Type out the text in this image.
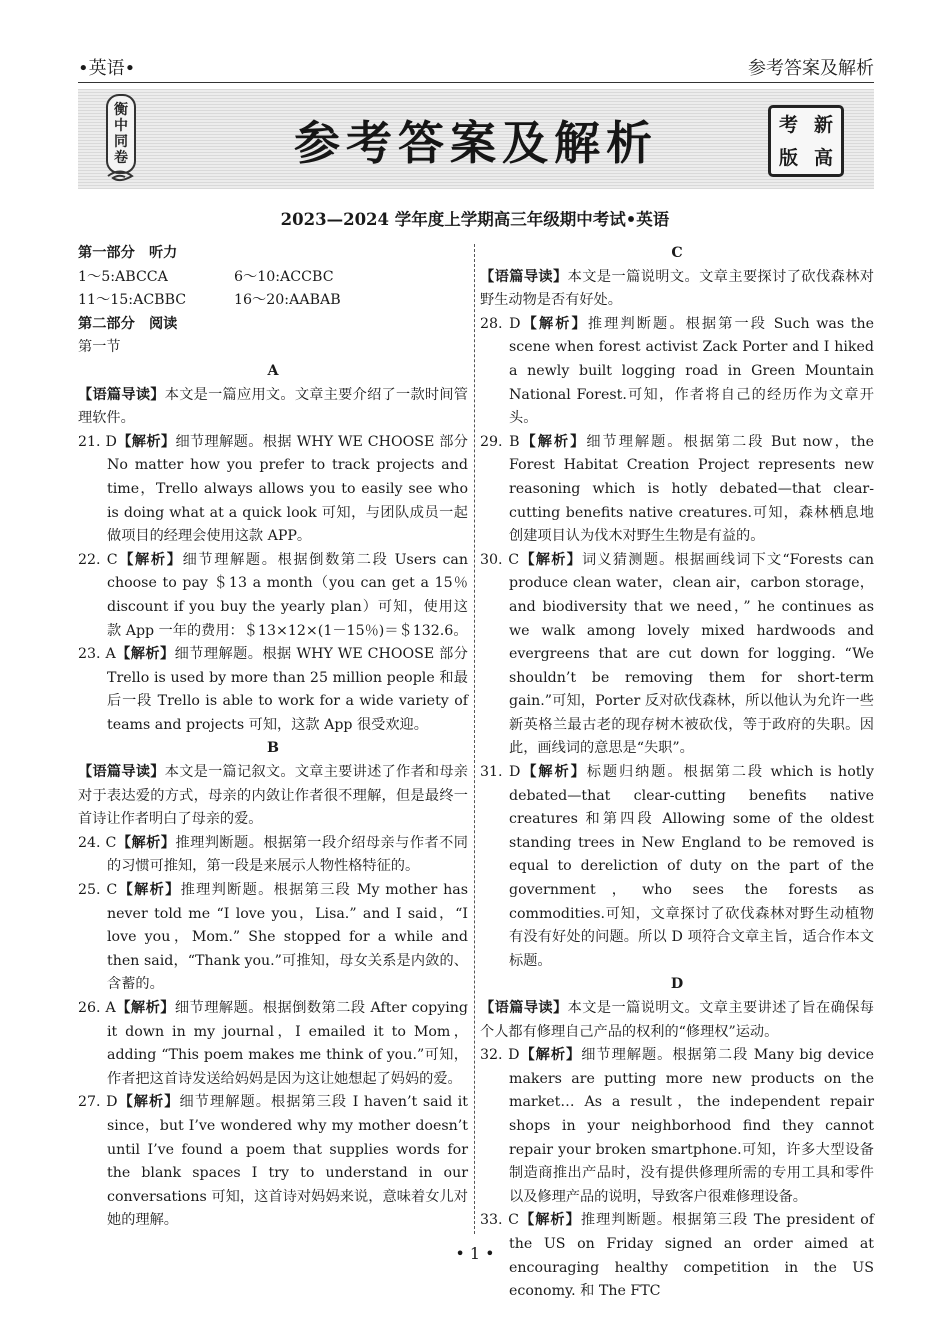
•英语•	参考答案及解析
衡
中
同
卷	参考答案及解析	考 新
版 高
2023—2024 学年度上学期高三年级期中考试•英语

第一部分　听力

1～5:ABCCA	6～10:ACCBC
11～15:ACBBC	16～20:AABAB

第二部分　阅读

第一节

A

【语篇导读】本文是一篇应用文。文章主要介绍了一款时间管理软件。

21. D【解析】细节理解题。根据 WHY WE CHOOSE 部分 No matter how you prefer to track projects and time，Trello always allows you to easily see who is doing what at a quick look 可知，与团队成员一起做项目的经理会使用这款 APP。

22. C【解析】细节理解题。根据倒数第二段 Users can choose to pay ＄13 a month（you can get a 15％ discount if you buy the yearly plan）可知，使用这款 App 一年的费用：＄13×12×(1－15％)＝＄132.6。

23. A【解析】细节理解题。根据 WHY WE CHOOSE 部分 Trello is used by more than 25 million people 和最后一段 Trello is able to work for a wide variety of teams and projects 可知，这款 App 很受欢迎。

B

【语篇导读】本文是一篇记叙文。文章主要讲述了作者和母亲对于表达爱的方式，母亲的内敛让作者很不理解，但是最终一首诗让作者明白了母亲的爱。

24. C【解析】推理判断题。根据第一段介绍母亲与作者不同的习惯可推知，第一段是来展示人物性格特征的。

25. C【解析】推理判断题。根据第三段 My mother has never told me “I love you，Lisa.” and I said，“I love you，Mom.” She stopped for a while and then said，“Thank you.”可推知，母女关系是内敛的、含蓄的。

26. A【解析】细节理解题。根据倒数第二段 After copying it down in my journal，I emailed it to Mom，adding “This poem makes me think of you.”可知，作者把这首诗发送给妈妈是因为这让她想起了妈妈的爱。

27. D【解析】细节理解题。根据第三段 I haven’t said it since，but I’ve wondered why my mother doesn’t until I’ve found a poem that supplies words for the blank spaces I try to understand in our conversations 可知，这首诗对妈妈来说，意味着女儿对她的理解。

C

【语篇导读】本文是一篇说明文。文章主要探讨了砍伐森林对野生动物是否有好处。

28. D【解析】推理判断题。根据第一段 Such was the scene when forest activist Zack Porter and I hiked a newly built logging road in Green Mountain National Forest.可知，作者将自己的经历作为文章开头。

29. B【解析】细节理解题。根据第二段 But now，the Forest Habitat Creation Project represents new reasoning which is hotly debated—that clear-cutting benefits native creatures.可知，森林栖息地创建项目认为伐木对野生生物是有益的。

30. C【解析】词义猜测题。根据画线词下文“Forests can produce clean water，clean air，carbon storage，and biodiversity that we need，” he continues as we walk among lovely mixed hardwoods and evergreens that are cut down for logging. “We shouldn’t be removing them for short-term gain.”可知，Porter 反对砍伐森林，所以他认为允许一些新英格兰最古老的现存树木被砍伐，等于政府的失职。因此，画线词的意思是“失职”。

31. D【解析】标题归纳题。根据第二段 which is hotly debated—that clear-cutting benefits native creatures 和第四段 Allowing some of the oldest standing trees in New England to be removed is equal to dereliction of duty on the part of the government，who sees the forests as commodities.可知，文章探讨了砍伐森林对野生动植物有没有好处的问题。所以 D 项符合文章主旨，适合作本文标题。

D

【语篇导读】本文是一篇说明文。文章主要讲述了旨在确保每个人都有修理自己产品的权利的“修理权”运动。

32. D【解析】细节理解题。根据第二段 Many big device makers are putting more new products on the market… As a result，the independent repair shops in your neighborhood find they cannot repair your broken smartphone.可知，许多大型设备制造商推出产品时，没有提供修理所需的专用工具和零件以及修理产品的说明，导致客户很难修理设备。

33. C【解析】推理判断题。根据第三段 The president of the US on Friday signed an order aimed at encouraging healthy competition in the US economy. 和 The FTC

• 1 •
